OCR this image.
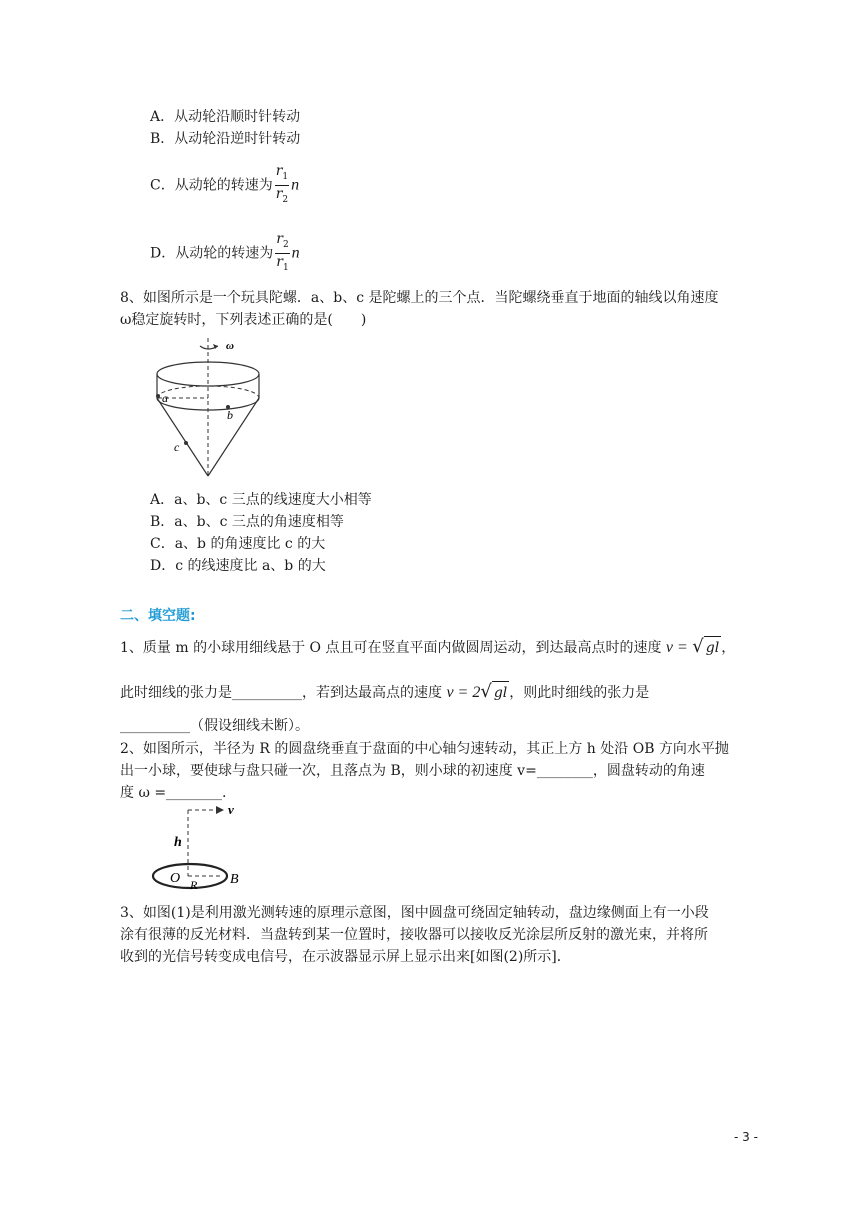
A．从动轮沿顺时针转动
B．从动轮沿逆时针转动
C．从动轮的转速为 $\frac{r_1}{r_2}$ n
D．从动轮的转速为 $\frac{r_2}{r_1}$ n
8、如图所示是一个玩具陀螺．a、b、c 是陀螺上的三个点．当陀螺绕垂直于地面的轴线以角速度
ω稳定旋转时，下列表述正确的是(　　)
ω
a
b
c
A．a、b、c 三点的线速度大小相等
B．a、b、c 三点的角速度相等
C．a、b 的角速度比 c 的大
D．c 的线速度比 a、b 的大
二、填空题:
1、质量 m 的小球用细线悬于 O 点且可在竖直平面内做圆周运动，到达最高点时的速度 v = √ gl ，
此时细线的张力是__________，若到达最高点的速度 v = 2√ gl ，则此时细线的张力是
__________（假设细线未断）。
2、如图所示，半径为 R 的圆盘绕垂直于盘面的中心轴匀速转动，其正上方 h 处沿 OB 方向水平抛
出一小球，要使球与盘只碰一次，且落点为 B，则小球的初速度 v=________，圆盘转动的角速
度 ω =________.
v
h
O R B
3、如图(1)是利用激光测转速的原理示意图，图中圆盘可绕固定轴转动，盘边缘侧面上有一小段
涂有很薄的反光材料．当盘转到某一位置时，接收器可以接收反光涂层所反射的激光束，并将所
收到的光信号转变成电信号，在示波器显示屏上显示出来[如图(2)所示]．
- 3 -
